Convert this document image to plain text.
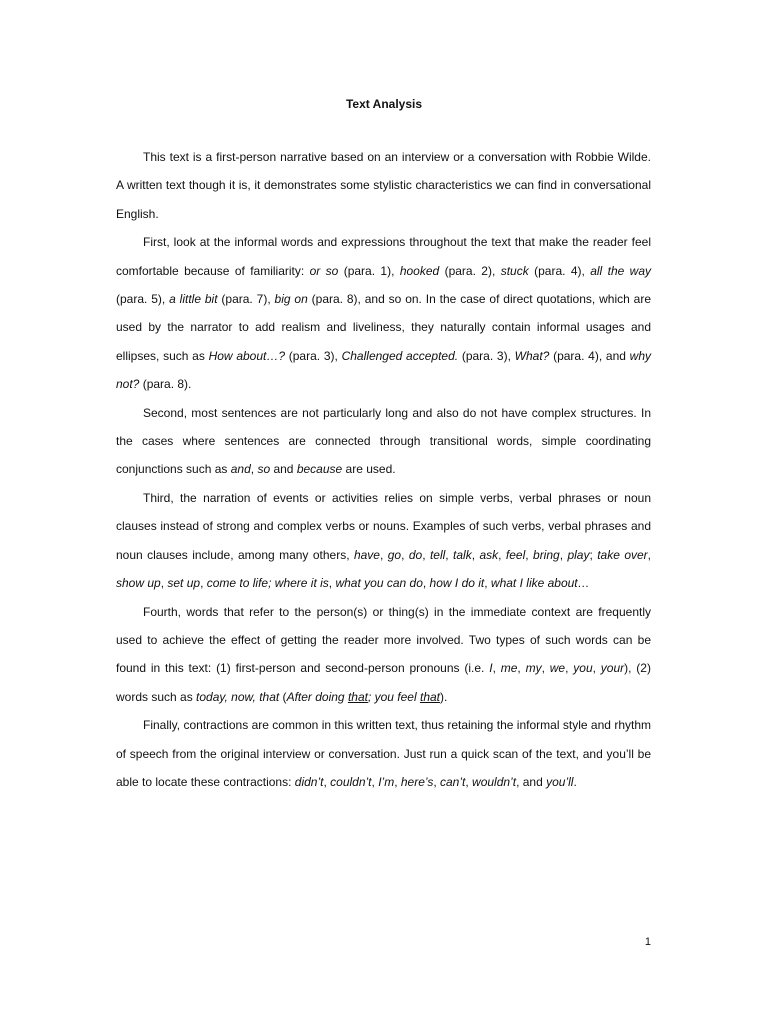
Text Analysis

This text is a first-person narrative based on an interview or a conversation with Robbie Wilde. A written text though it is, it demonstrates some stylistic characteristics we can find in conversational English.

First, look at the informal words and expressions throughout the text that make the reader feel comfortable because of familiarity: or so (para. 1), hooked (para. 2), stuck (para. 4), all the way (para. 5), a little bit (para. 7), big on (para. 8), and so on. In the case of direct quotations, which are used by the narrator to add realism and liveliness, they naturally contain informal usages and ellipses, such as How about…? (para. 3), Challenged accepted. (para. 3), What? (para. 4), and why not? (para. 8).

Second, most sentences are not particularly long and also do not have complex structures. In the cases where sentences are connected through transitional words, simple coordinating conjunctions such as and, so and because are used.

Third, the narration of events or activities relies on simple verbs, verbal phrases or noun clauses instead of strong and complex verbs or nouns. Examples of such verbs, verbal phrases and noun clauses include, among many others, have, go, do, tell, talk, ask, feel, bring, play; take over, show up, set up, come to life; where it is, what you can do, how I do it, what I like about…

Fourth, words that refer to the person(s) or thing(s) in the immediate context are frequently used to achieve the effect of getting the reader more involved. Two types of such words can be found in this text: (1) first-person and second-person pronouns (i.e. I, me, my, we, you, your), (2) words such as today, now, that (After doing that; you feel that).

Finally, contractions are common in this written text, thus retaining the informal style and rhythm of speech from the original interview or conversation. Just run a quick scan of the text, and you’ll be able to locate these contractions: didn’t, couldn’t, I’m, here’s, can’t, wouldn’t, and you’ll.

1
